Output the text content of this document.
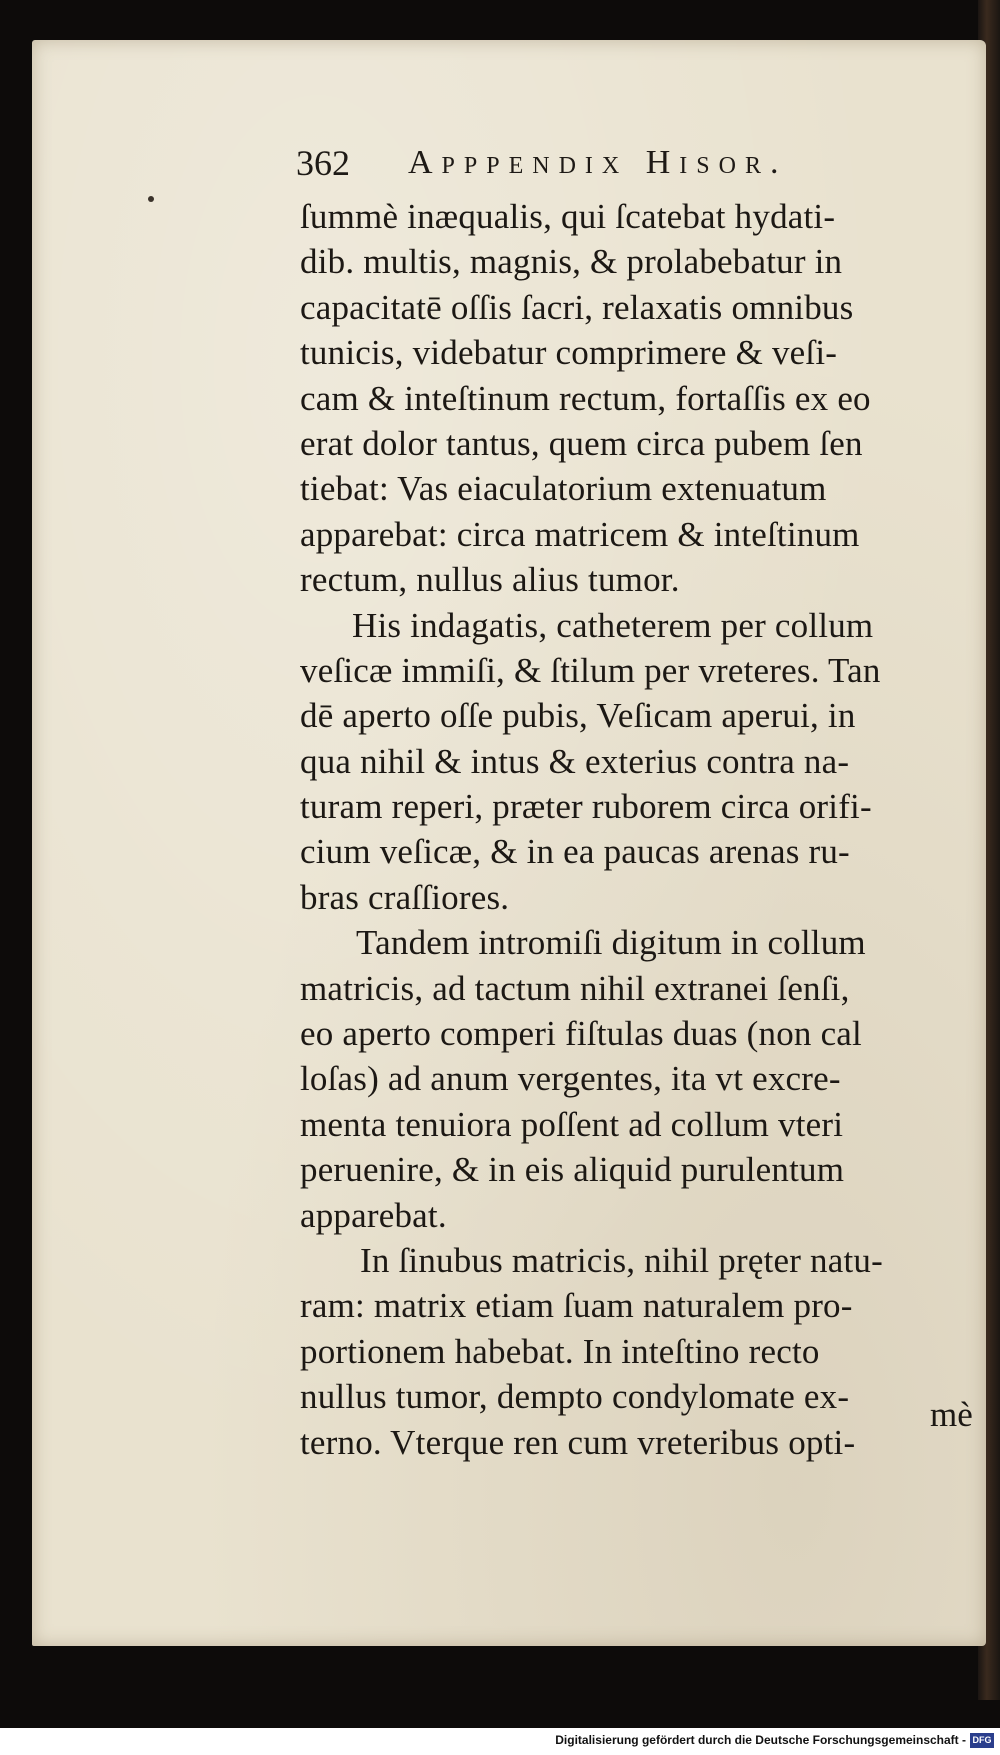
362 Apppendix Hisor.
ſummè inæqualis, qui ſcatebat hydati-
dib. multis, magnis, & prolabebatur in
capacitatē oſſis ſacri, relaxatis omnibus
tunicis, videbatur comprimere & veſi-
cam & inteſtinum rectum, fortaſſis ex eo
erat dolor tantus, quem circa pubem ſen
tiebat: Vas eiaculatorium extenuatum
apparebat: circa matricem & inteſtinum
rectum, nullus alius tumor.
His indagatis, catheterem per collum
veſicæ immiſi, & ſtilum per vreteres. Tan
dē aperto oſſe pubis, Veſicam aperui, in
qua nihil & intus & exterius contra na-
turam reperi, præter ruborem circa orifi-
cium veſicæ, & in ea paucas arenas ru-
bras craſſiores.
Tandem intromiſi digitum in collum
matricis, ad tactum nihil extranei ſenſi,
eo aperto comperi fiſtulas duas (non cal
loſas) ad anum vergentes, ita vt excre-
menta tenuiora poſſent ad collum vteri
peruenire, & in eis aliquid purulentum
apparebat.
In ſinubus matricis, nihil pręter natu-
ram: matrix etiam ſuam naturalem pro-
portionem habebat. In inteſtino recto
nullus tumor, dempto condylomate ex-
terno. Vterque ren cum vreteribus opti-
mè
Digitalisierung gefördert durch die Deutsche Forschungsgemeinschaft - DFG
